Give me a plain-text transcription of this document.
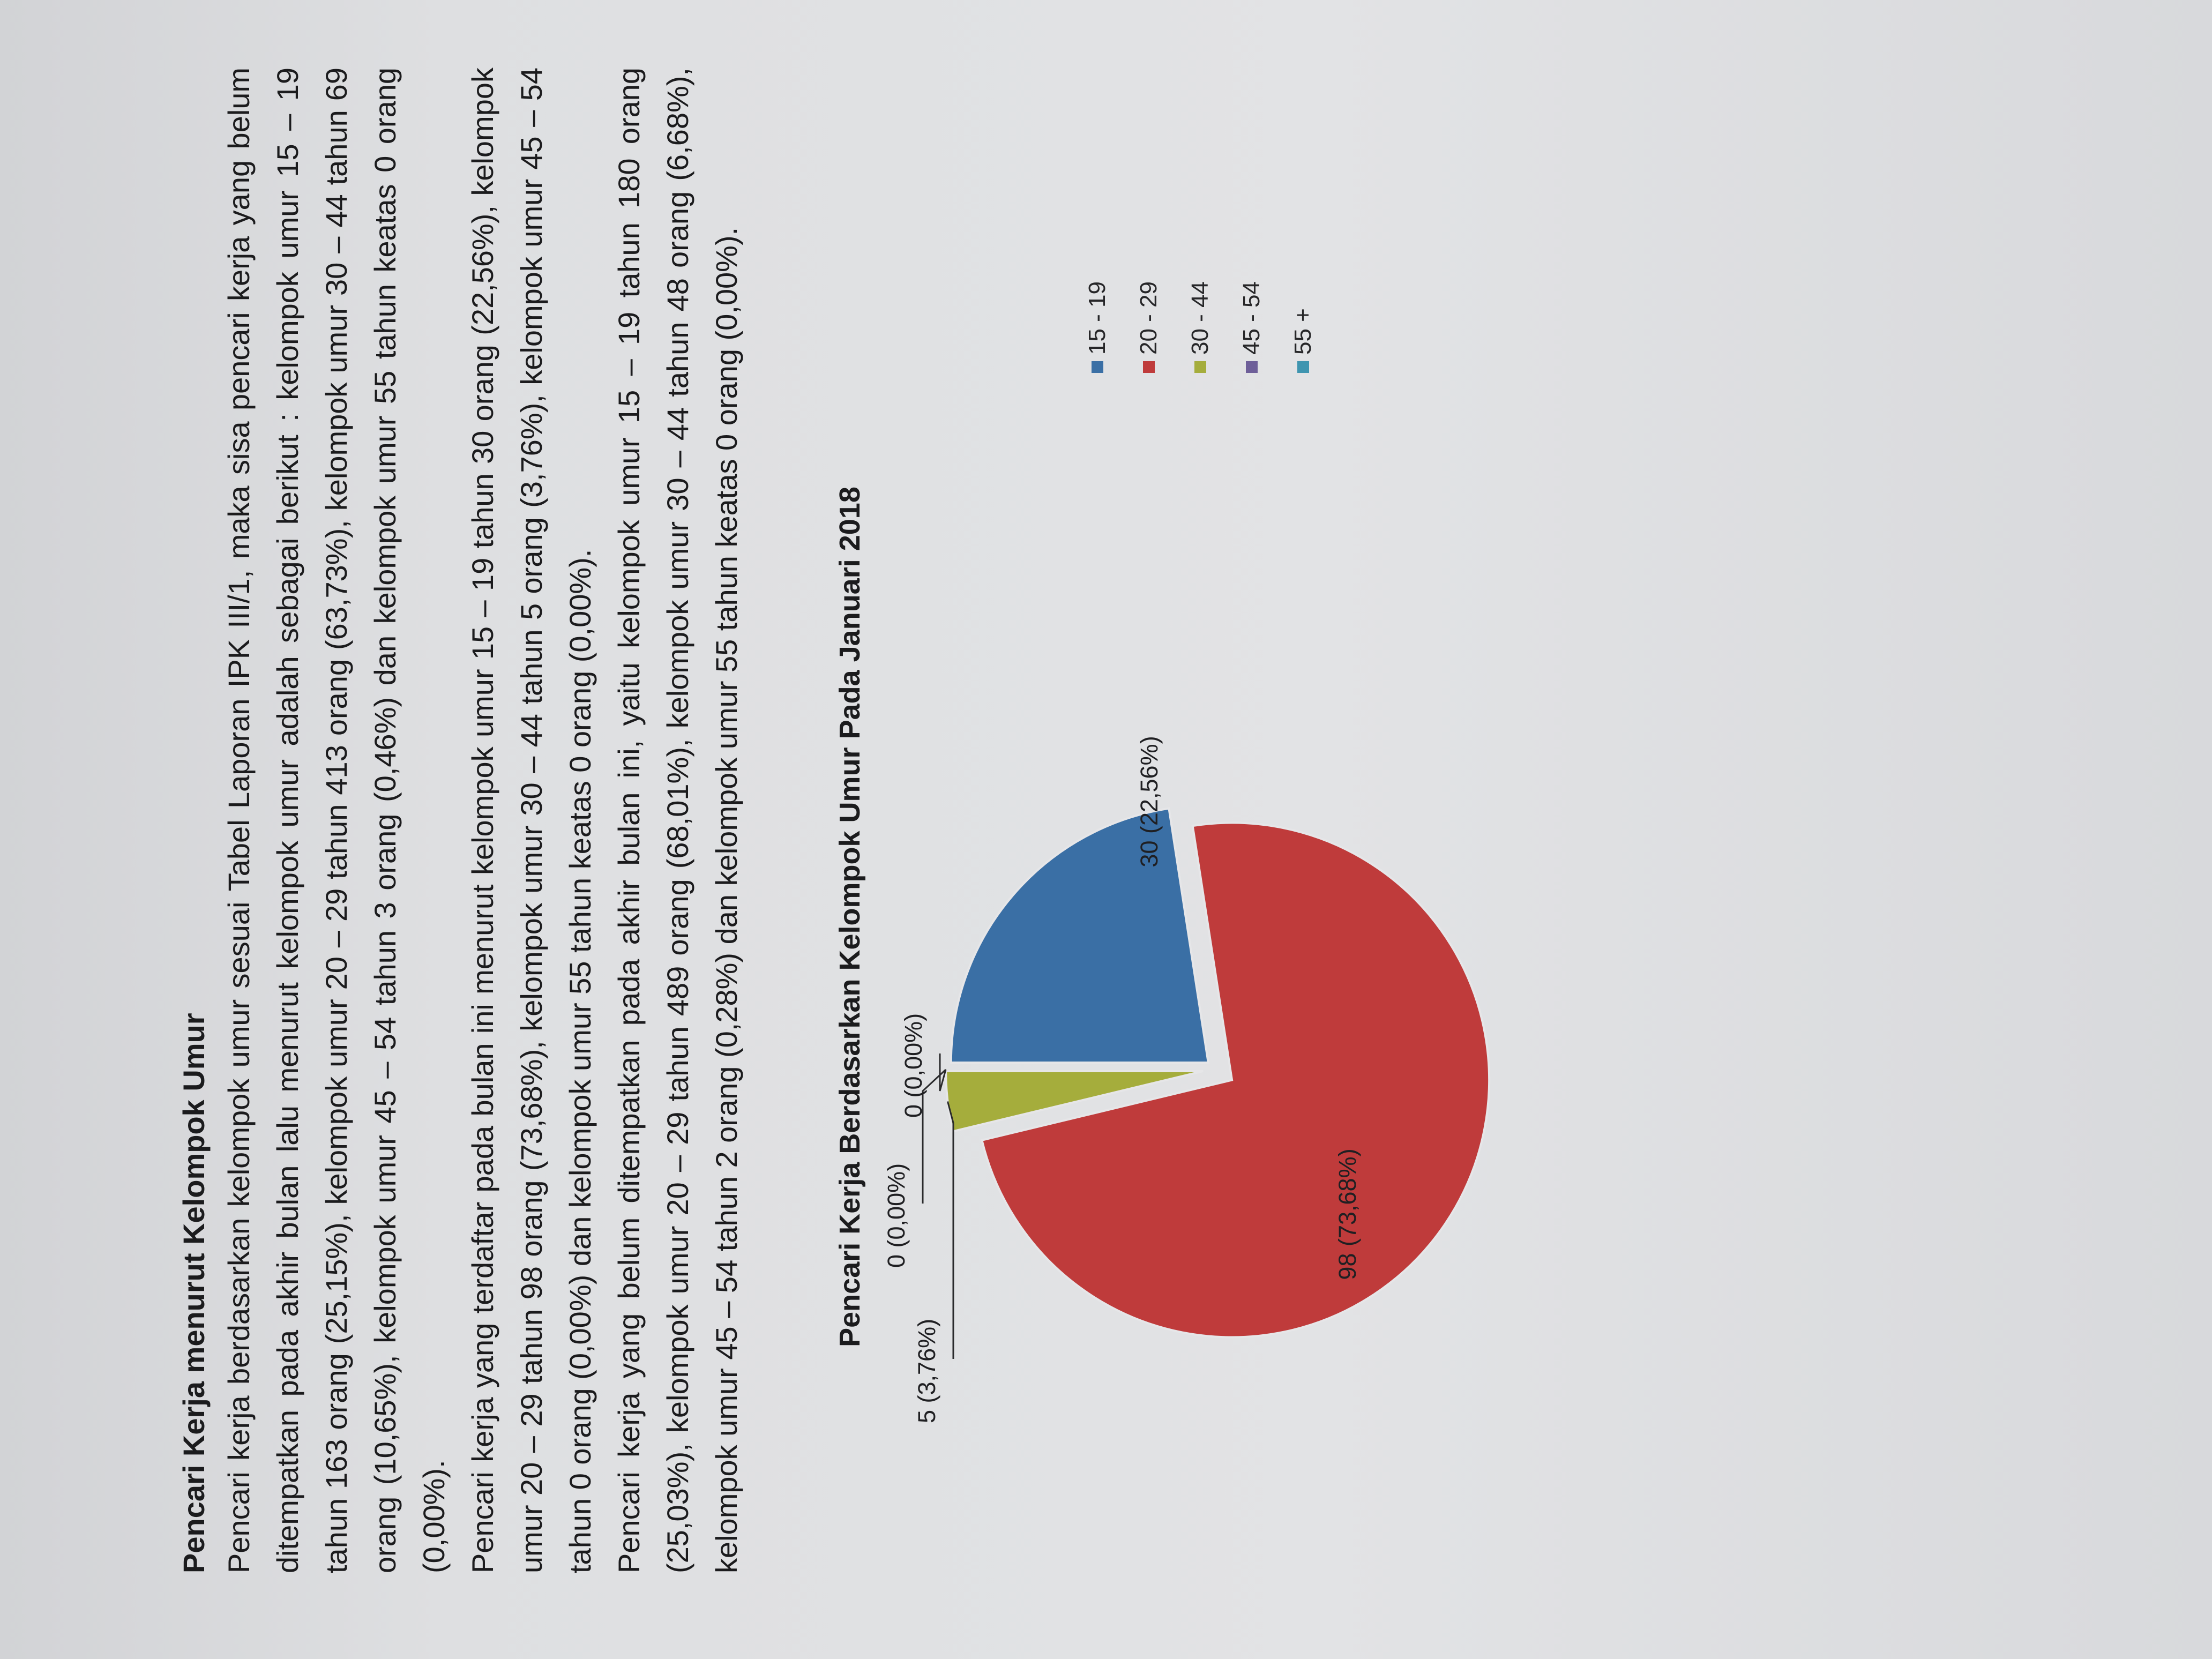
Pencari Kerja menurut Kelompok Umur Pencari kerja berdasarkan kelompok umur sesuai Tabel Laporan IPK III/1, maka sisa pencari kerja yang belum ditempatkan pada akhir bulan lalu menurut kelompok umur adalah sebagai berikut : kelompok umur 15 – 19 tahun 163 orang (25,15%), kelompok umur 20 – 29 tahun 413 orang (63,73%), kelompok umur 30 – 44 tahun 69 orang (10,65%), kelompok umur 45 – 54 tahun 3 orang (0,46%) dan kelompok umur 55 tahun keatas 0 orang (0,00%). Pencari kerja yang terdaftar pada bulan ini menurut kelompok umur 15 – 19 tahun 30 orang (22,56%), kelompok umur 20 – 29 tahun 98 orang (73,68%), kelompok umur 30 – 44 tahun 5 orang (3,76%), kelompok umur 45 – 54 tahun 0 orang (0,00%) dan kelompok umur 55 tahun keatas 0 orang (0,00%). Pencari kerja yang belum ditempatkan pada akhir bulan ini, yaitu kelompok umur 15 – 19 tahun 180 orang (25,03%), kelompok umur 20 – 29 tahun 489 orang (68,01%), kelompok umur 30 – 44 tahun 48 orang (6,68%), kelompok umur 45 – 54 tahun 2 orang (0,28%) dan kelompok umur 55 tahun keatas 0 orang (0,00%).	Pencari Kerja Berdasarkan Kelompok Umur Pada Januari 2018	30 (22,56%)
98 (73,68%)
5 (3,76%)
0 (0,00%)
0 (0,00%)
15 - 19 20 - 29 30 - 44 45 - 54 55 +
